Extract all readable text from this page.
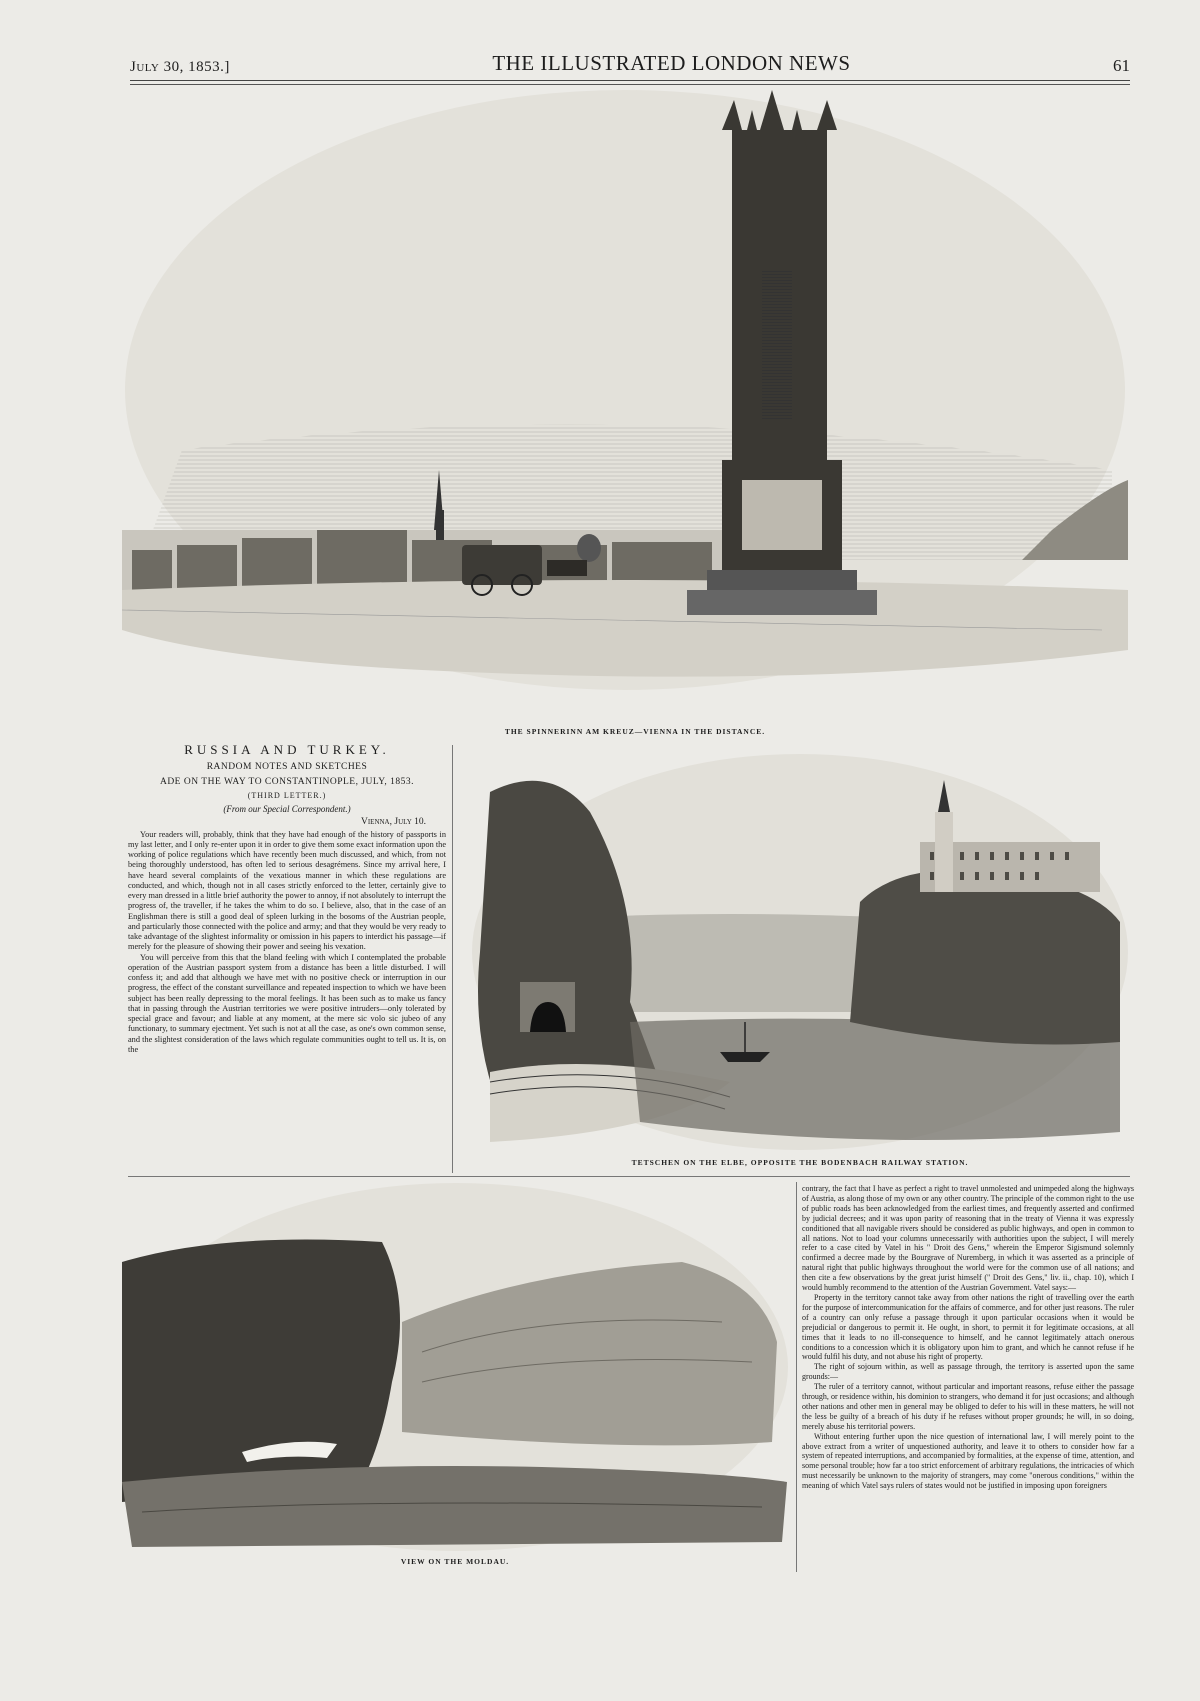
July 30, 1853.]	THE ILLUSTRATED LONDON NEWS	61
THE SPINNERINN AM KREUZ—VIENNA IN THE DISTANCE.
RUSSIA AND TURKEY.
RANDOM NOTES AND SKETCHES
ADE ON THE WAY TO CONSTANTINOPLE, JULY, 1853.
(THIRD LETTER.)
(From our Special Correspondent.)
Vienna, July 10.

Your readers will, probably, think that they have had enough of the history of passports in my last letter, and I only re-enter upon it in order to give them some exact information upon the working of police regulations which have recently been much discussed, and which, from not being thoroughly understood, has often led to serious desagrémens. Since my arrival here, I have heard several complaints of the vexatious manner in which these regulations are conducted, and which, though not in all cases strictly enforced to the letter, certainly give to every man dressed in a little brief authority the power to annoy, if not absolutely to interrupt the progress of, the traveller, if he takes the whim to do so. I believe, also, that in the case of an Englishman there is still a good deal of spleen lurking in the bosoms of the Austrian people, and particularly those connected with the police and army; and that they would be very ready to take advantage of the slightest informality or omission in his papers to interdict his passage—if merely for the pleasure of showing their power and seeing his vexation.

You will perceive from this that the bland feeling with which I contemplated the probable operation of the Austrian passport system from a distance has been a little disturbed. I will confess it; and add that although we have met with no positive check or interruption in our progress, the effect of the constant surveillance and repeated inspection to which we have been subject has been really depressing to the moral feelings. It has been such as to make us fancy that in passing through the Austrian territories we were positive intruders—only tolerated by special grace and favour; and liable at any moment, at the mere sic volo sic jubeo of any functionary, to summary ejectment. Yet such is not at all the case, as one's own common sense, and the slightest consideration of the laws which regulate communities ought to tell us. It is, on the

TETSCHEN ON THE ELBE, OPPOSITE THE BODENBACH RAILWAY STATION.
VIEW ON THE MOLDAU.

contrary, the fact that I have as perfect a right to travel unmolested and unimpeded along the highways of Austria, as along those of my own or any other country. The principle of the common right to the use of public roads has been acknowledged from the earliest times, and frequently asserted and confirmed by judicial decrees; and it was upon parity of reasoning that in the treaty of Vienna it was expressly conditioned that all navigable rivers should be considered as public highways, and open in common to all nations. Not to load your columns unnecessarily with authorities upon the subject, I will merely refer to a case cited by Vatel in his " Droit des Gens," wherein the Emperor Sigismund solemnly confirmed a decree made by the Bourgrave of Nuremberg, in which it was asserted as a principle of natural right that public highways throughout the world were for the common use of all nations; and then cite a few observations by the great jurist himself (" Droit des Gens," liv. ii., chap. 10), which I would humbly recommend to the attention of the Austrian Government. Vatel says:—

Property in the territory cannot take away from other nations the right of travelling over the earth for the purpose of intercommunication for the affairs of commerce, and for other just reasons. The ruler of a country can only refuse a passage through it upon particular occasions when it would be prejudicial or dangerous to permit it. He ought, in short, to permit it for legitimate occasions, at all times that it leads to no ill-consequence to himself, and he cannot legitimately attach onerous conditions to a concession which it is obligatory upon him to grant, and which he cannot refuse if he would fulfil his duty, and not abuse his right of property.

The right of sojourn within, as well as passage through, the territory is asserted upon the same grounds:—

The ruler of a territory cannot, without particular and important reasons, refuse either the passage through, or residence within, his dominion to strangers, who demand it for just occasions; and although other nations and other men in general may be obliged to defer to his will in these matters, he will not the less be guilty of a breach of his duty if he refuses without proper grounds; he will, in so doing, merely abuse his territorial powers.

Without entering further upon the nice question of international law, I will merely point to the above extract from a writer of unquestioned authority, and leave it to others to consider how far a system of repeated interruptions, and accompanied by formalities, at the expense of time, attention, and some personal trouble; how far a too strict enforcement of arbitrary regulations, the intricacies of which must necessarily be unknown to the majority of strangers, may come "onerous conditions," within the meaning of which Vatel says rulers of states would not be justified in imposing upon foreigners
